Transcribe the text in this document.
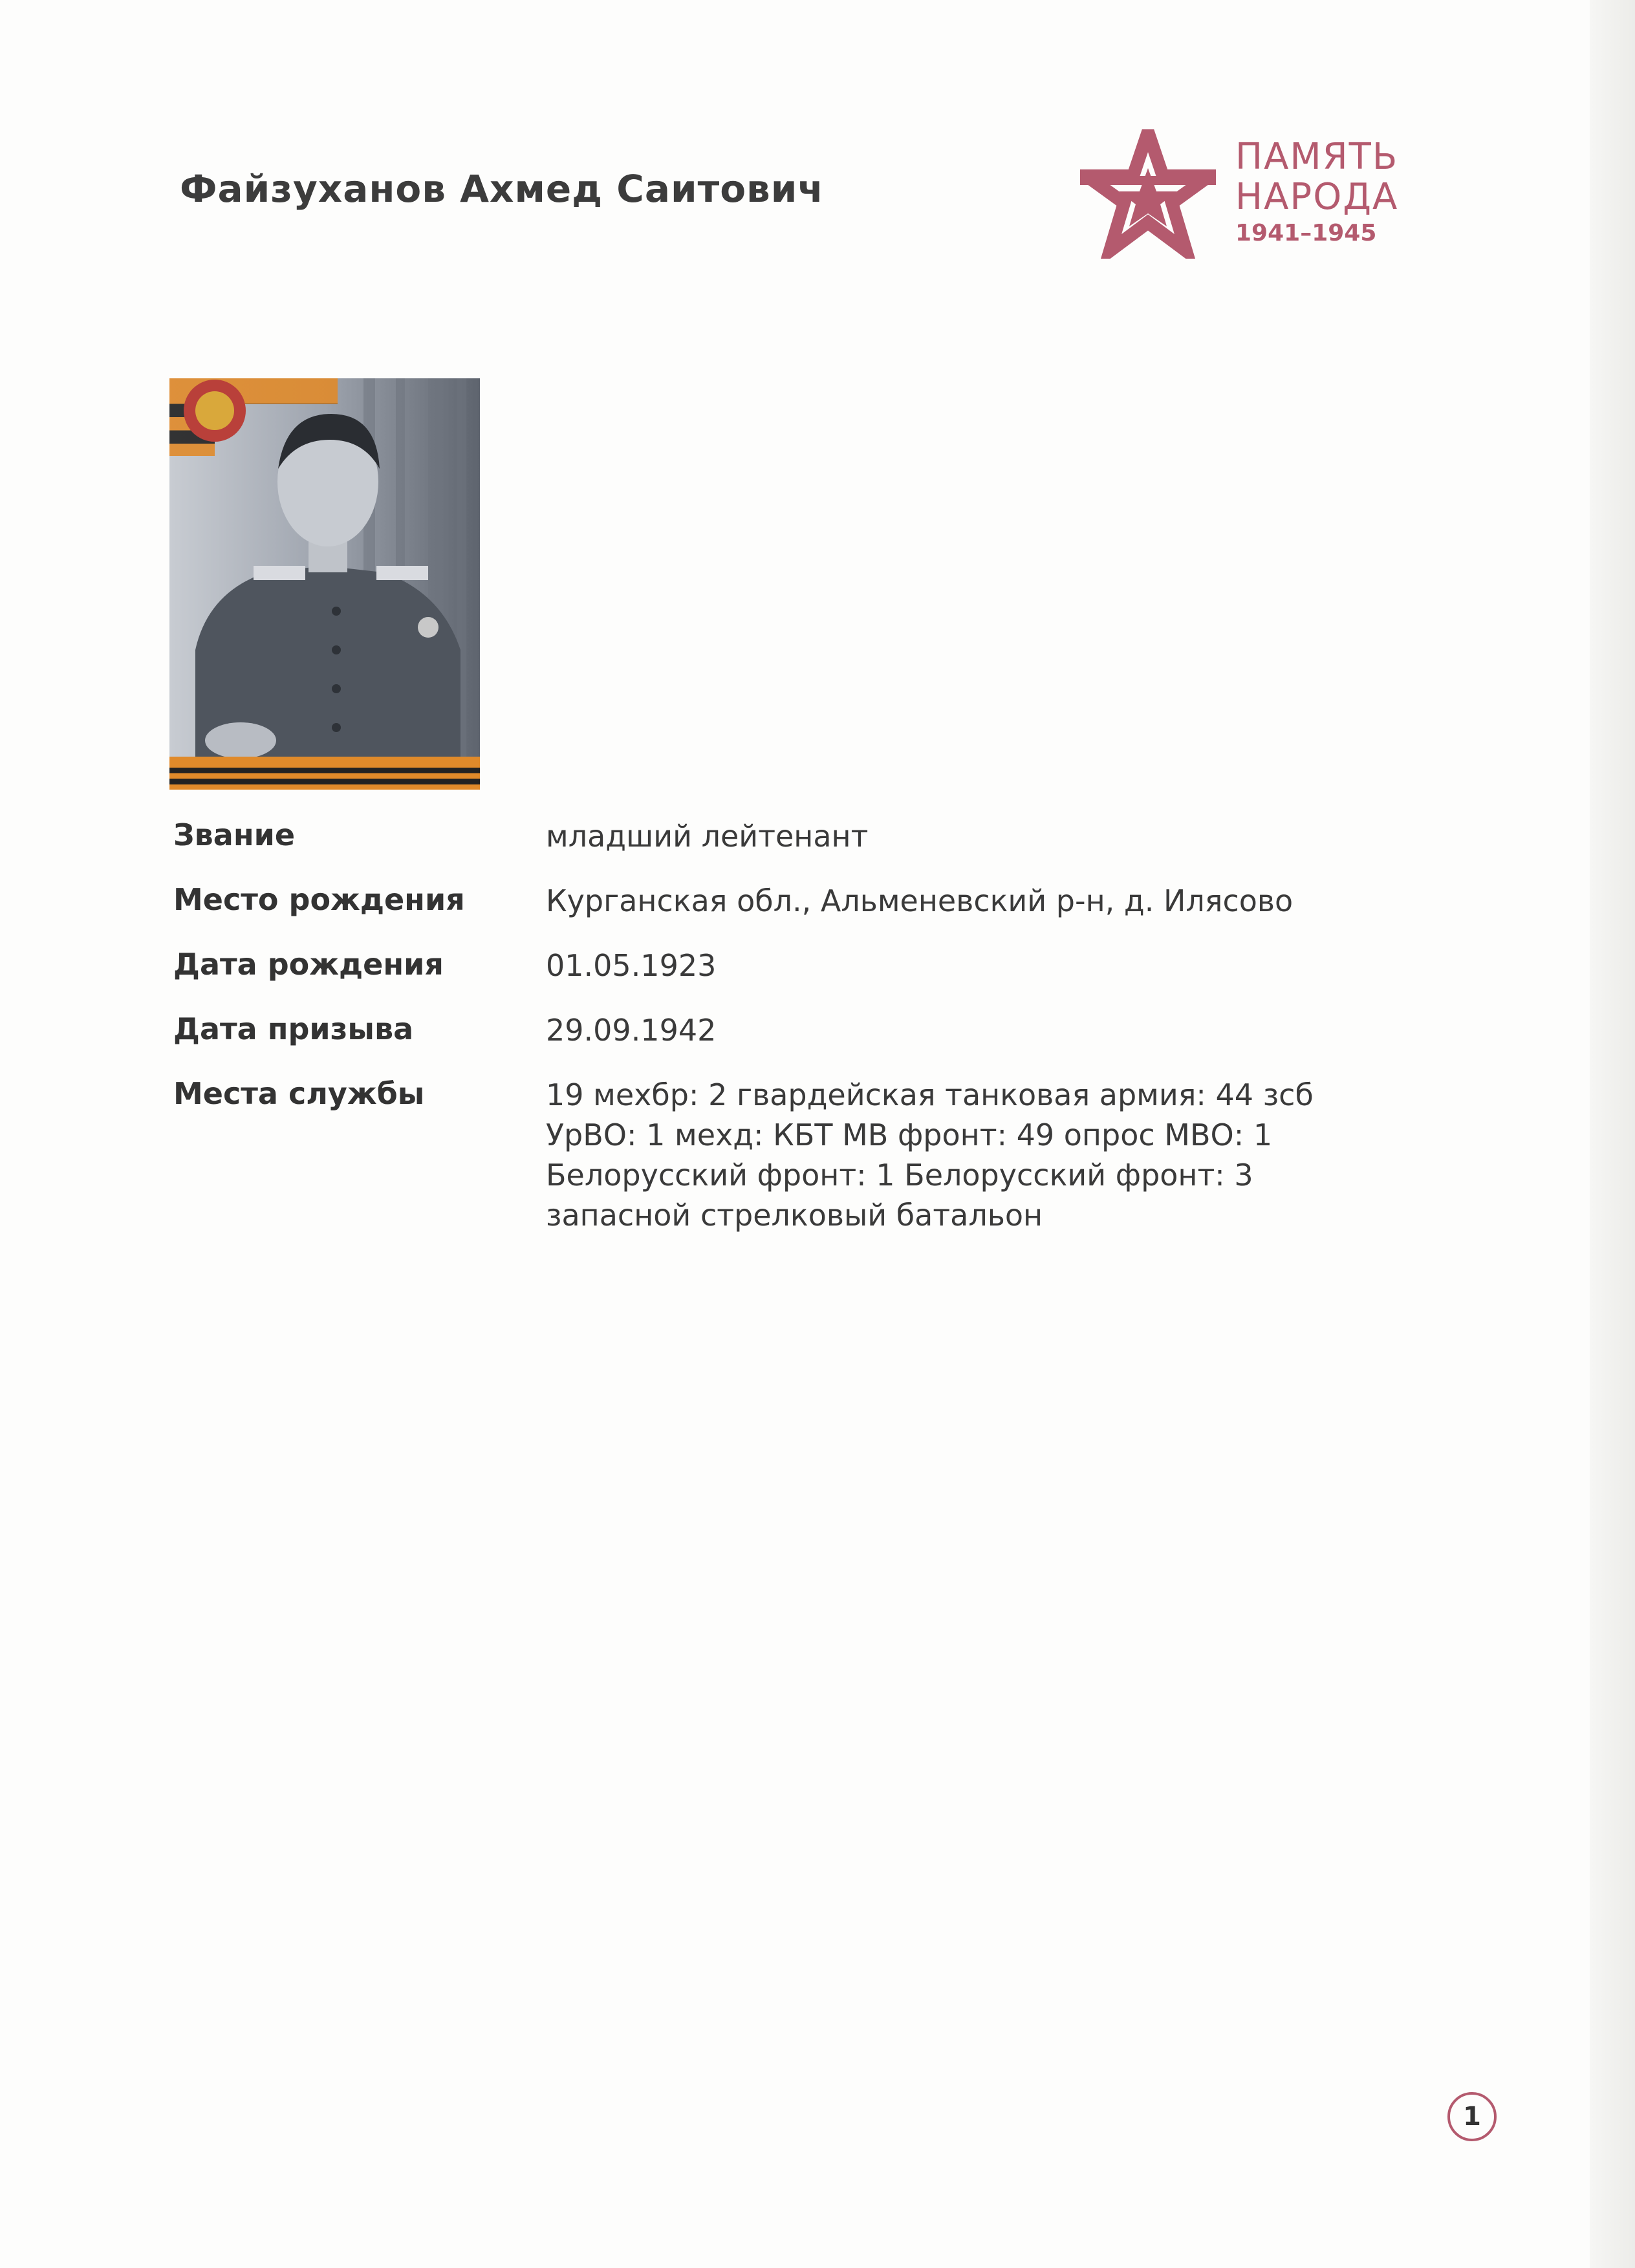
Файзуханов Ахмед Саитович
ПАМЯТЬ
НАРОДА
1941–1945
Звание	младший лейтенант
Место рождения	Курганская обл., Альменевский р-н, д. Илясово
Дата рождения	01.05.1923
Дата призыва	29.09.1942
Места службы	19 мехбр: 2 гвардейская танковая армия: 44 зсб УрВО: 1 мехд: КБТ МВ фронт: 49 опрос МВО: 1 Белорусский фронт: 1 Белорусский фронт: 3 запасной стрелковый батальон
1
